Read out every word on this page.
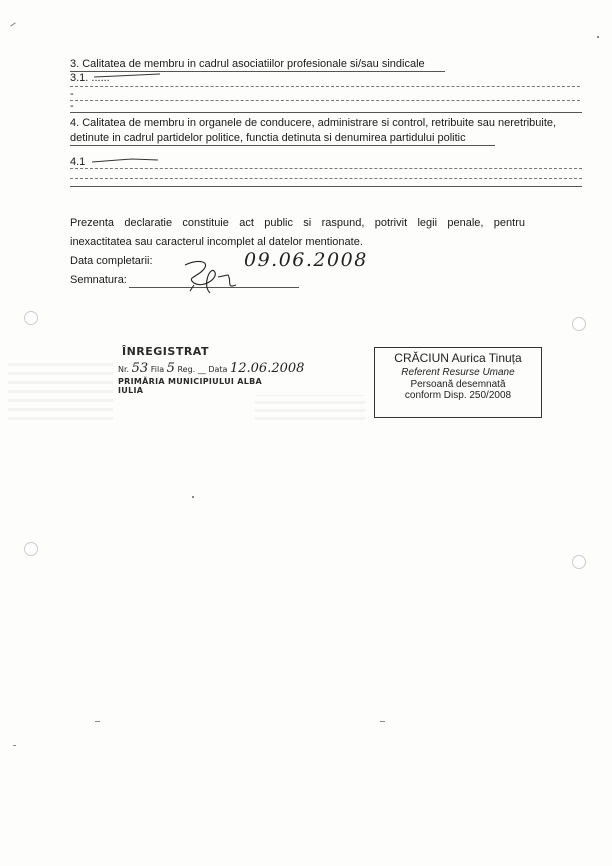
3. Calitatea de membru in cadrul asociatiilor profesionale si/sau sindicale
3.1. ......
-
-
4. Calitatea de membru in organele de conducere, administrare si control, retribuite sau neretribuite,
detinute in cadrul partidelor politice, functia detinuta si denumirea partidului politic
4.1
Prezenta declaratie constituie act public si raspund, potrivit legii penale, pentru
inexactitatea sau caracterul incomplet al datelor mentionate.
Data completarii:	09.06.2008
Semnatura:
ÎNREGISTRAT
Nr. 53 Fila 5 Reg. __ Data 12.06.2008
PRIMĂRIA MUNICIPIULUI ALBA IULIA
CRĂCIUN Aurica Tinuța
Referent Resurse Umane
Persoană desemnată
conform Disp. 250/2008
